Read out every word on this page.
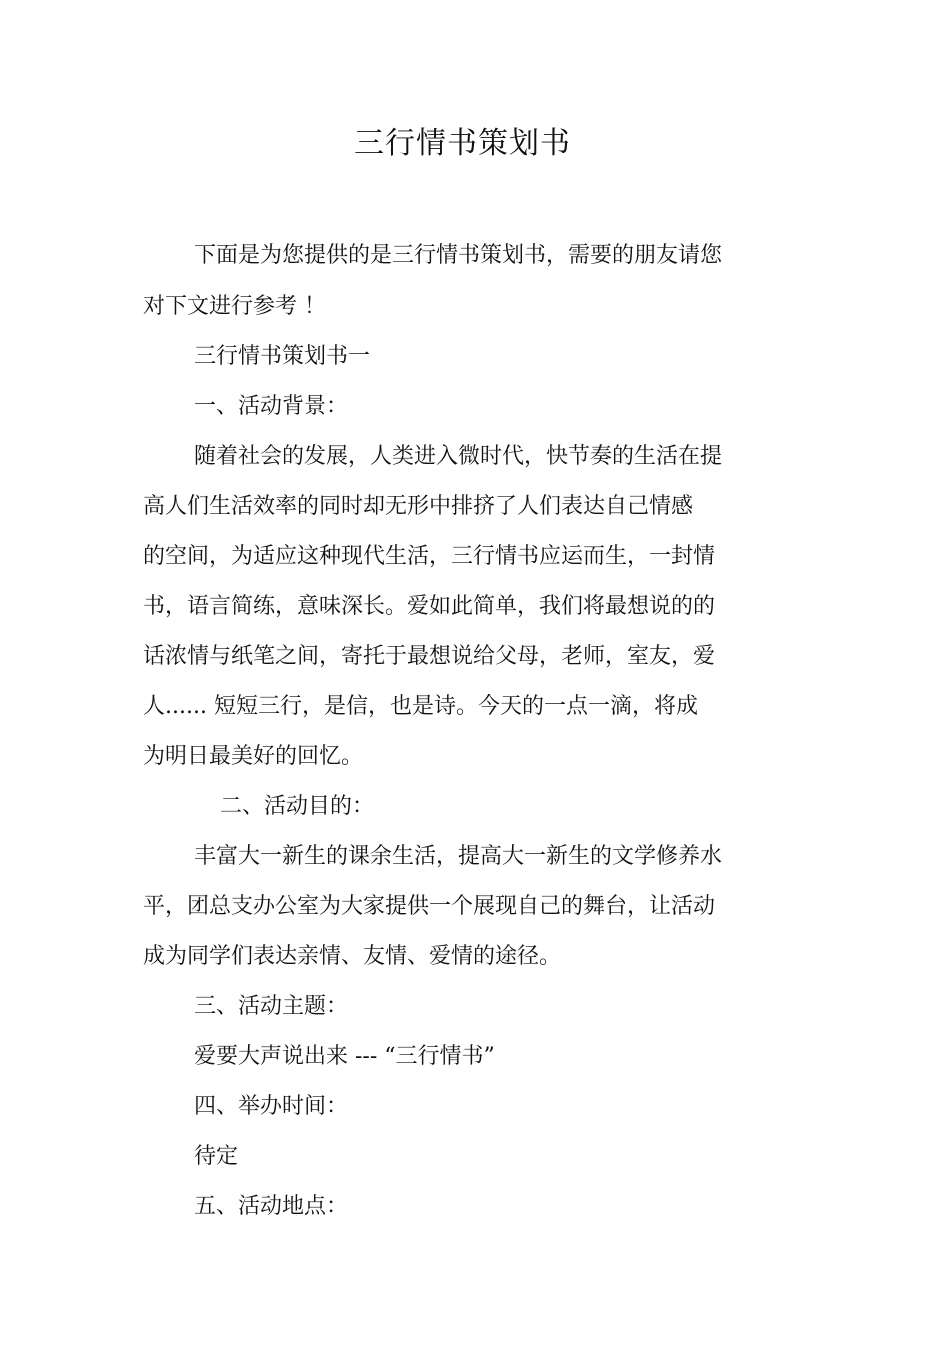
三行情书策划书
下面是为您提供的是三行情书策划书，需要的朋友请您
对下文进行参考 ！
三行情书策划书一
一、活动背景：
随着社会的发展，人类进入微时代，快节奏的生活在提
高人们生活效率的同时却无形中排挤了人们表达自己情感
的空间，为适应这种现代生活，三行情书应运而生，一封情
书，语言简练，意味深长。爱如此简单，我们将最想说的的
话浓情与纸笔之间，寄托于最想说给父母，老师，室友，爱
人...... 短短三行，是信，也是诗。今天的一点一滴，将成
为明日最美好的回忆。
二、活动目的：
丰富大一新生的课余生活，提高大一新生的文学修养水
平，团总支办公室为大家提供一个展现自己的舞台，让活动
成为同学们表达亲情、友情、爱情的途径。
三、活动主题：
爱要大声说出来 --- “三行情书”
四、举办时间：
待定
五、活动地点：
